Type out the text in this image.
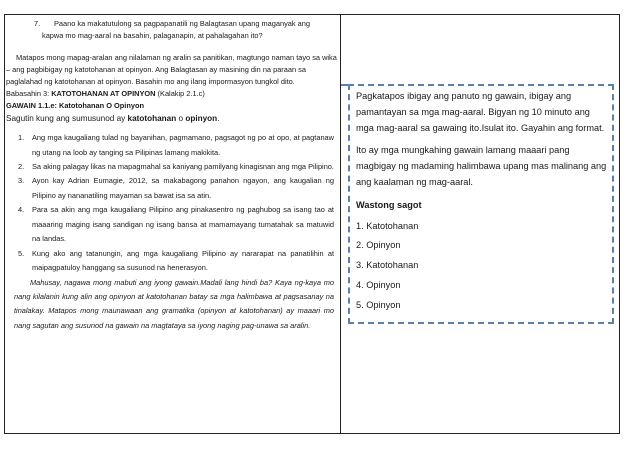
7. Paano ka makatutulong sa pagpapanatili ng Balagtasan upang maganyak ang

kapwa mo mag-aaral na basahin, palaganapin, at pahalagahan ito?

Matapos mong mapag-aralan ang nilalaman ng aralin sa panitikan, magtungo naman tayo sa wika – ang pagbibigay ng katotohanan at opinyon. Ang Balagtasan ay masining din na paraan sa paglalahad ng katotohanan at opinyon. Basahin mo ang ilang impormasyon tungkol dito.

Babasahin 3: KATOTOHANAN AT OPINYON (Kalakip 2.1.c)

GAWAIN 1.1.e: Katotohanan O Opinyon

Sagutin kung ang sumusunod ay katotohanan o opinyon.

1.	Ang mga kaugaliang tulad ng bayanihan, pagmamano, pagsagot ng po at opo, at pagtanaw ng utang na loob ay tanging sa Pilipinas lamang makikita.
2.	Sa aking palagay likas na mapagmahal sa kaniyang pamilyang kinagisnan ang mga Pilipino.
3.	Ayon kay Adrian Eumagie, 2012, sa makabagong panahon ngayon, ang kaugalian ng Pilipino ay nananatiling mayaman sa bawat isa sa atin.
4.	Para sa akin ang mga kaugaliang Pilipino ang pinakasentro ng paghubog sa isang tao at maaaring maging isang sandigan ng isang bansa at mamamayang tumatahak sa matuwid na landas.
5.	Kung ako ang tatanungin, ang mga kaugaliang Pilipino ay nararapat na panatilihin at maipagpatuloy hanggang sa susunod na henerasyon.

Mahusay, nagawa mong mabuti ang iyong gawain.Madali lang hindi ba? Kaya ng-kaya mo nang kilalanin kung alin ang opinyon at katotohanan batay sa mga halimbawa at pagsasanay na tinalakay. Matapos mong maunawaan ang gramatika (opinyon at katotohanan) ay maaari mo nang sagutan ang susunod na gawain na magtataya sa iyong naging pag-unawa sa aralin.

Pagkatapos ibigay ang panuto ng gawain, ibigay ang pamantayan sa mga mag-aaral. Bigyan ng 10 minuto ang mga mag-aaral sa gawaing ito.Isulat ito. Gayahin ang format.

Ito ay mga mungkahing gawain lamang maaari pang magbigay ng madaming halimbawa upang mas malinang ang ang kaalaman ng mag-aaral.

Wastong sagot

1. Katotohanan
2. Opinyon
3. Katotohanan
4. Opinyon
5. Opinyon
